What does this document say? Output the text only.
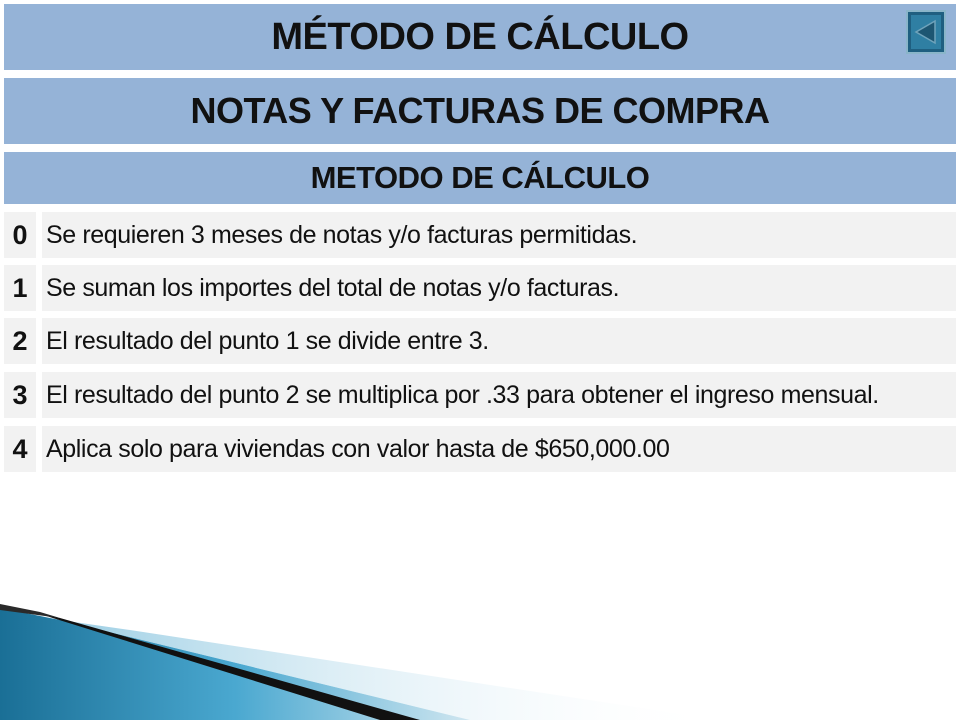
MÉTODO DE CÁLCULO
NOTAS Y FACTURAS DE COMPRA
METODO DE CÁLCULO
0 Se requieren 3 meses de notas y/o facturas permitidas.
1 Se suman los importes del total de notas y/o facturas.
2 El resultado del punto 1 se divide entre 3.
3 El resultado del punto 2 se multiplica por .33 para obtener el ingreso mensual.
4 Aplica solo para viviendas con valor hasta de $650,000.00
